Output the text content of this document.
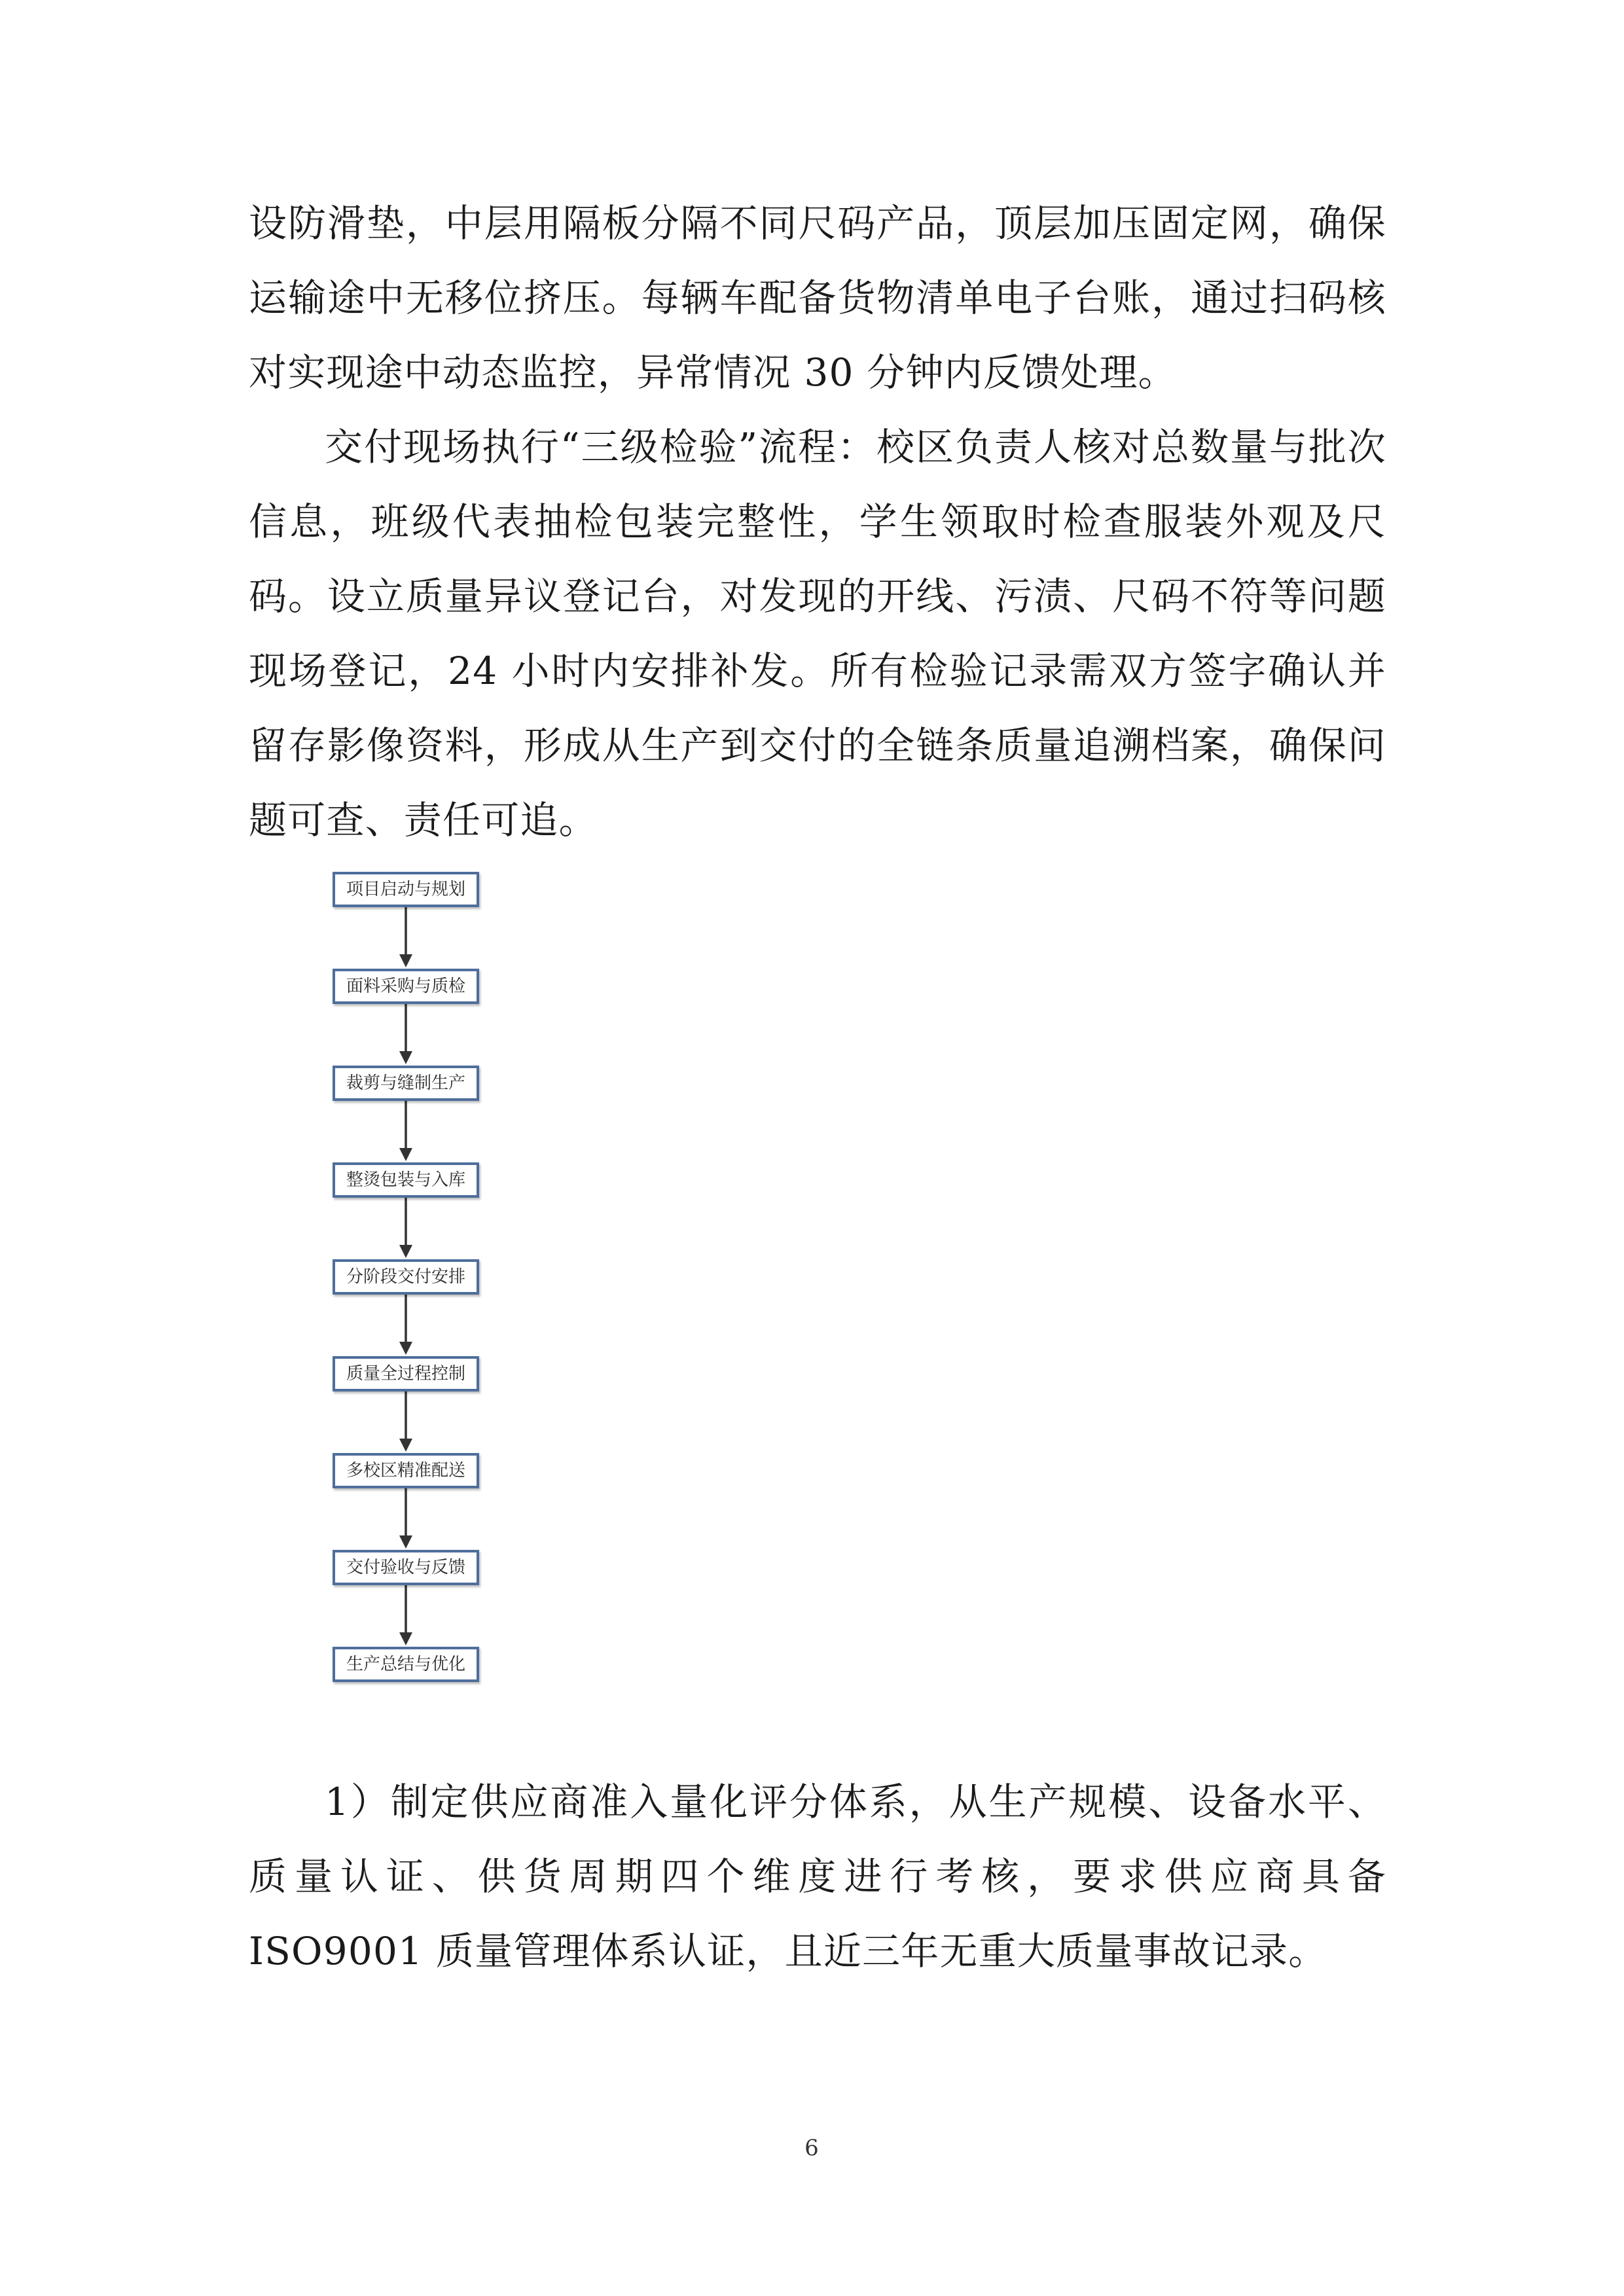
设防滑垫，中层用隔板分隔不同尺码产品，顶层加压固定网，确保运输途中无移位挤压。每辆车配备货物清单电子台账，通过扫码核对实现途中动态监控，异常情况 30 分钟内反馈处理。

交付现场执行“三级检验”流程：校区负责人核对总数量与批次信息，班级代表抽检包装完整性，学生领取时检查服装外观及尺码。设立质量异议登记台，对发现的开线、污渍、尺码不符等问题现场登记，24 小时内安排补发。所有检验记录需双方签字确认并留存影像资料，形成从生产到交付的全链条质量追溯档案，确保问题可查、责任可追。

项目启动与规划
面料采购与质检
裁剪与缝制生产
整烫包装与入库
分阶段交付安排
质量全过程控制
多校区精准配送
交付验收与反馈
生产总结与优化

1）制定供应商准入量化评分体系，从生产规模、设备水平、质量认证、供货周期四个维度进行考核，要求供应商具备 ISO9001 质量管理体系认证，且近三年无重大质量事故记录。

6
